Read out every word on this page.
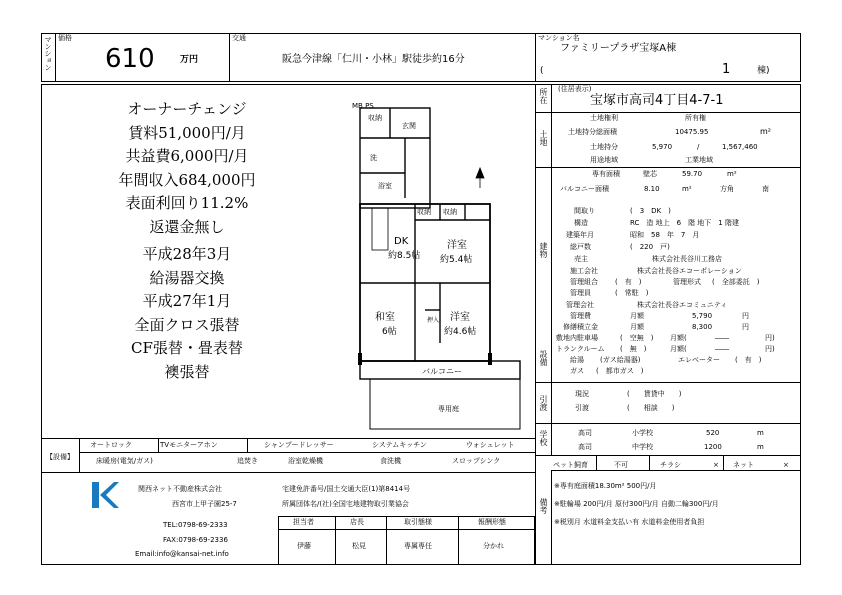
マンション 価格
610	万円
交通
阪急今津線「仁川・小林」駅徒歩約16分
マンション名
ファミリープラザ宝塚A棟
(	1	棟)
オーナーチェンジ
賃料51,000円/月
共益費6,000円/月
年間収入684,000円
表面利回り11.2%
返還金無し
平成28年3月
給湯器交換
平成27年1月
全面クロス張替
CF張替・畳表替
襖張替
MB PS
玄関
収納
洗
浴室
収納 収納
DK
約8.5帖
洋室
約5.4帖
和室
6帖
押入 洋室
約4.6帖
バルコニー
専用庭
所在 (住居表示)
宝塚市高司4丁目4-7-1
土地
土地権利	所有権
土地持分総面積	10475.95	m²
土地持分	5,970	/	1,567,460
用途地域	工業地域
建物
専有面積	壁芯	59.70	m²
バルコニー面積	8.10	m²	方角	南
間取り	(　3　DK　)
構造	RC　造 地上　6　階 地下　1 階建
建築年月	昭和　58　年　7　月
総戸数	(　220　戸)
売主	株式会社長谷川工務店
施工会社	株式会社長谷エコーポレーション
管理組合 (　有　)	管理形式 (　全部委託　)
管理員	(　常駐　)
管理会社	株式会社長谷エコミュニティ
設備
管理費	月額	5,790	円
修繕積立金	月額	8,300	円
敷地内駐車場	(　空無　) 月額(	――	円)
トランクルーム (　無　)	月額(	――	円)
給湯 (ガス給湯器)	エレベーター (　有　)
ガス (　都市ガス　)
引渡
現況	(　　賃貸中　　)
引渡	(　　相談　　)
学校	高司	小学校	520	m
高司	中学校	1200	m
ペット飼育	不可	チラシ	× ネット	×
備考
※専有庭面積18.30m² 500円/月
※駐輪場 200円/月 原付300円/月 自動二輪300円/月
※税別月 水道料金支払い有 水道料金使用者負担
【設備】
オートロック	TVモニターアホン	シャンプードレッサー	システムキッチン	ウォシュレット
床暖房(電気/ガス)	追焚き	浴室乾燥機	食洗機	スロップシンク
関西ネット不動産株式会社
西宮市上甲子園25-7
TEL:0798-69-2333
FAX:0798-69-2336
Email:info@kansai-net.info
宅建免許番号/国土交通大臣(1)第8414号
所属団体名/(社)全国宅地建物取引業協会
担当者	店長	取引態様	報酬形態
伊藤	松見	専属専任	分かれ
